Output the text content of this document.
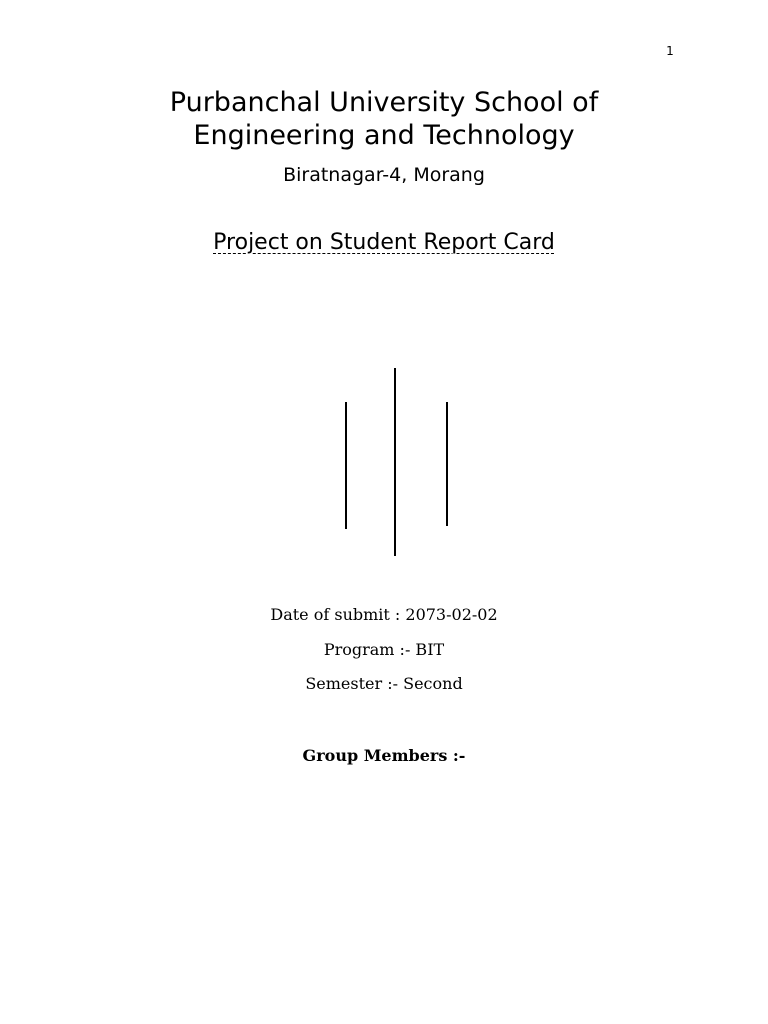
1
Purbanchal University School of
Engineering and Technology
Biratnagar-4, Morang
Project on Student Report Card
Date of submit : 2073-02-02
Program :- BIT
Semester :- Second
Group Members :-
